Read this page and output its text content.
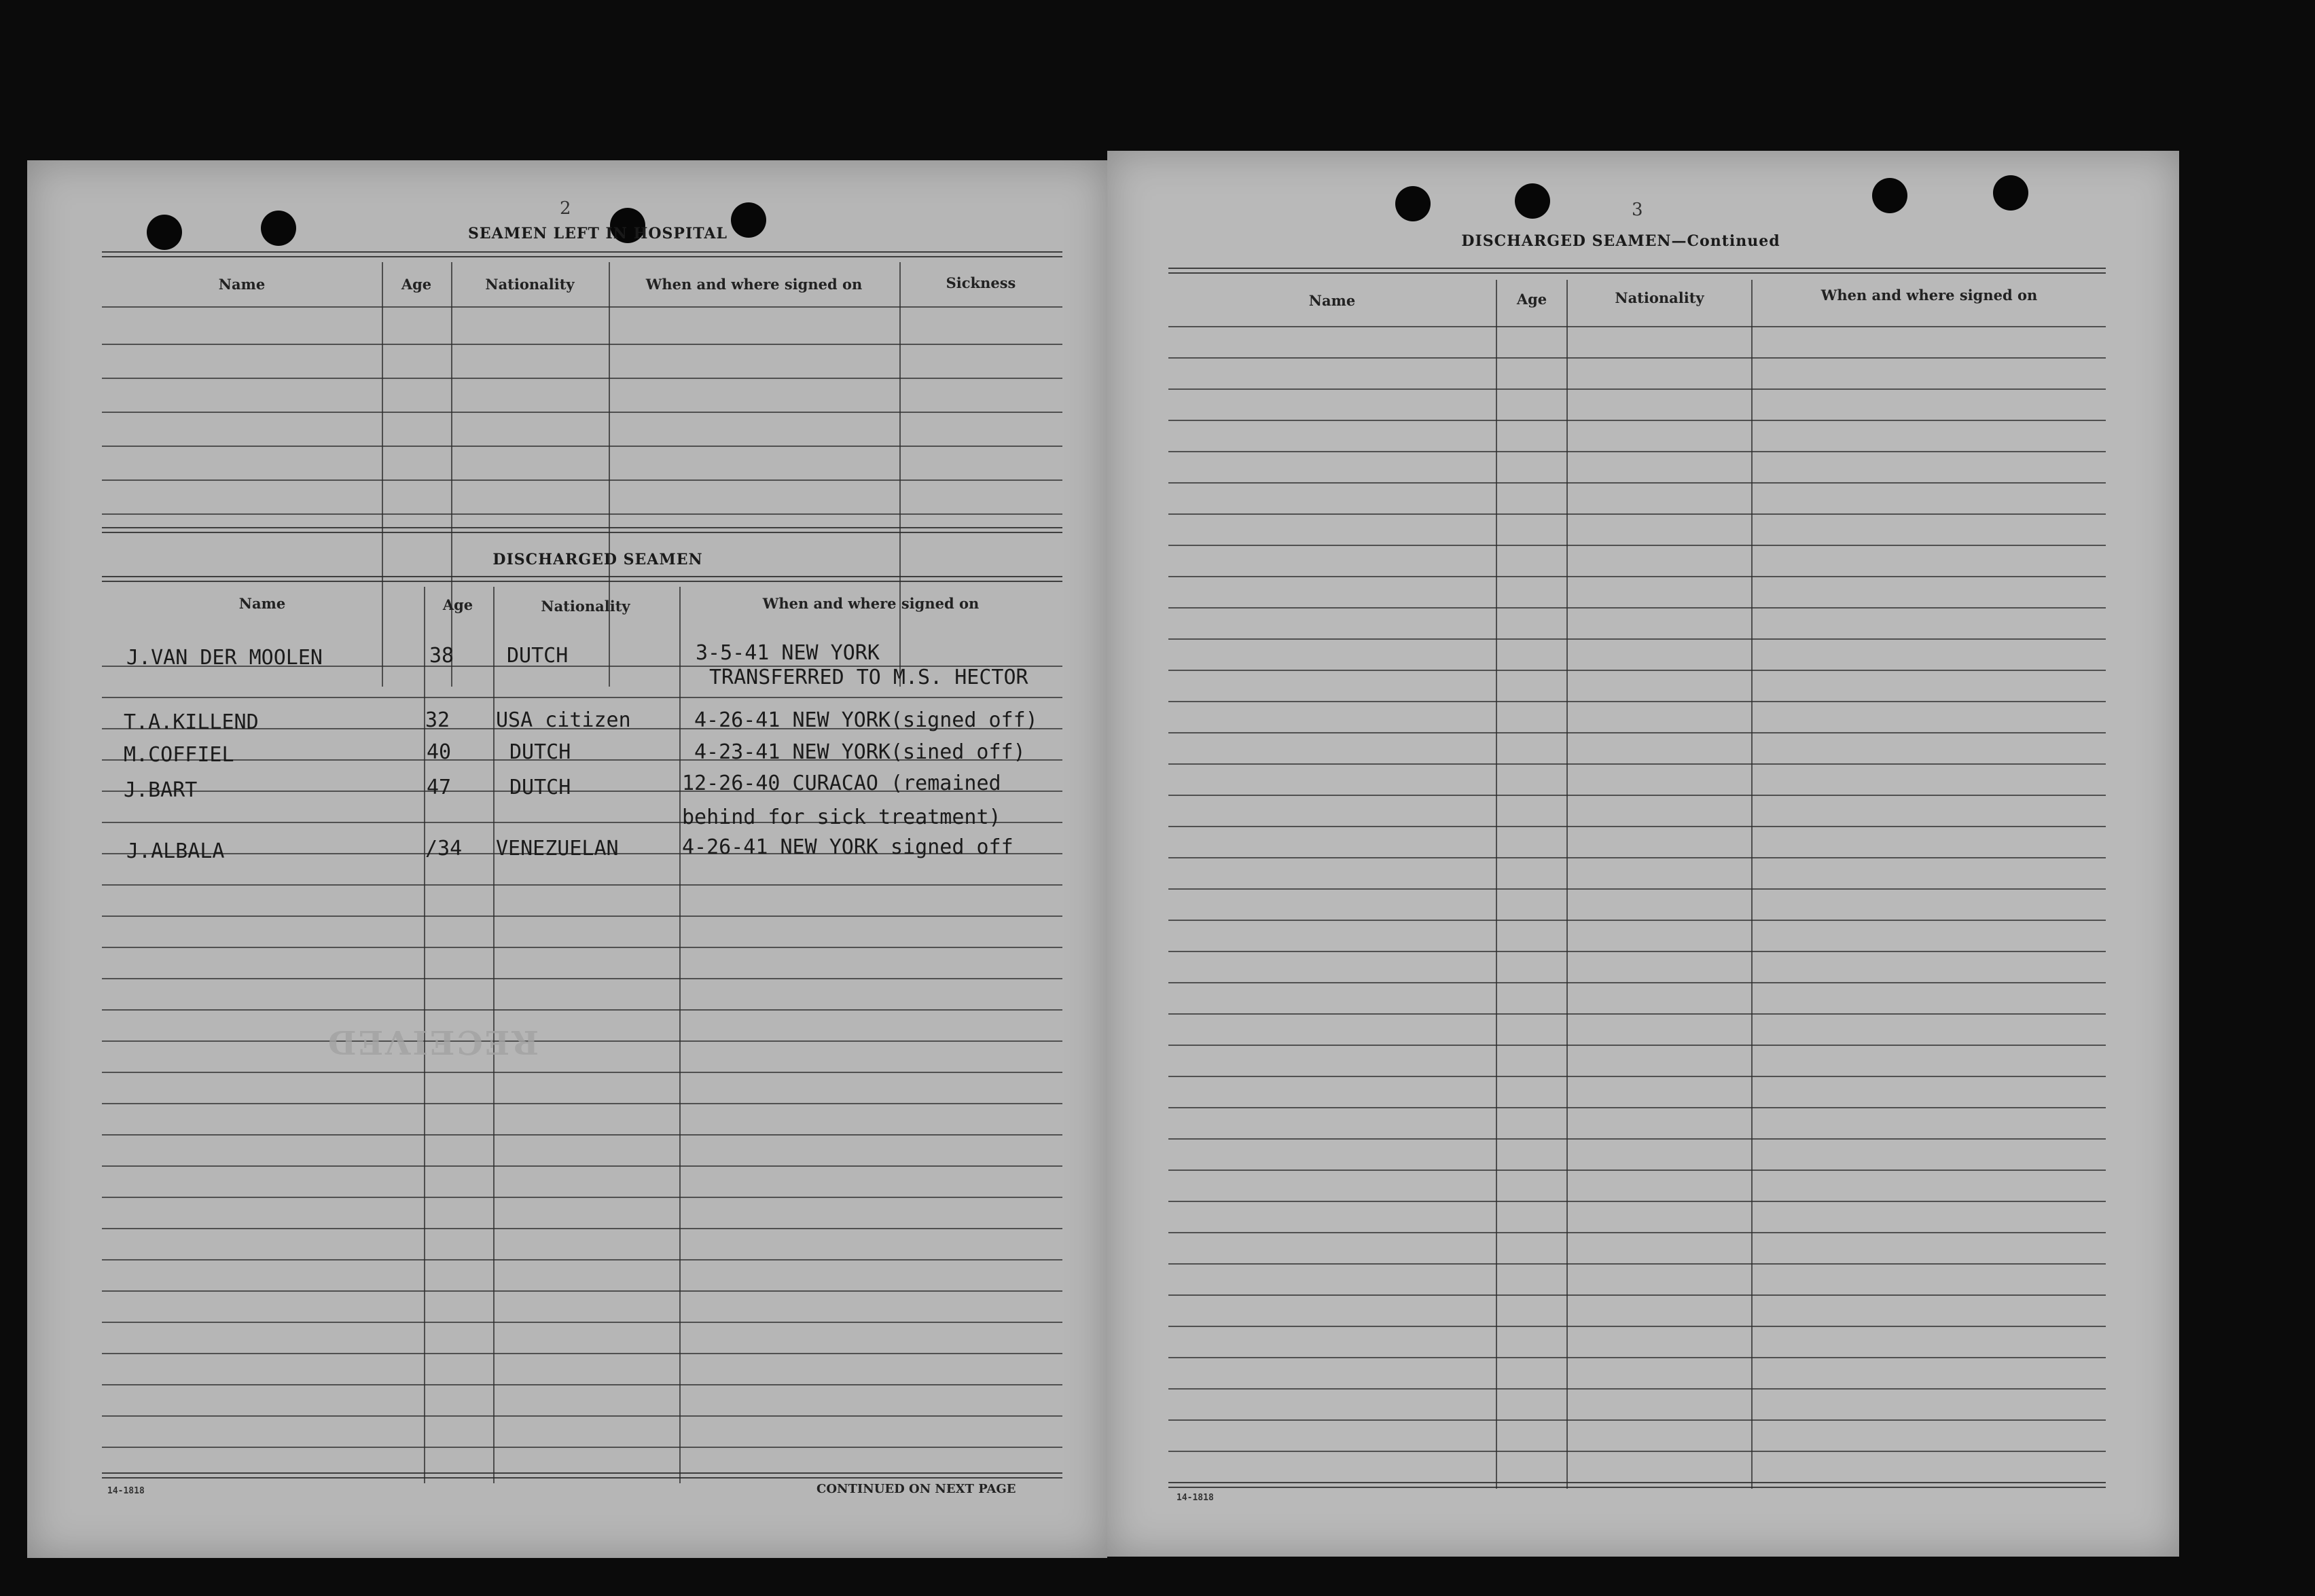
2
SEAMEN LEFT IN HOSPITAL
Name	Age	Nationality	When and where signed on	Sickness
DISCHARGED SEAMEN
Name	Age	Nationality	When and where signed on
J.VAN DER MOOLEN	38	DUTCH	3-5-41 NEW YORK
TRANSFERRED TO M.S. HECTOR
T.A.KILLEND	32 USA citizen	4-26-41 NEW YORK(signed off)
M.COFFIEL	40	DUTCH	4-23-41 NEW YORK(sined off)
J.BART	47	DUTCH	12-26-40 CURACAO (remained
behind for sick treatment)
J.ALBALA	/34 VENEZUELAN	4-26-41 NEW YORK signed off
RECEIVED
14-1818	CONTINUED ON NEXT PAGE
3
DISCHARGED SEAMEN—Continued
Name	Age	Nationality	When and where signed on
14-1818
